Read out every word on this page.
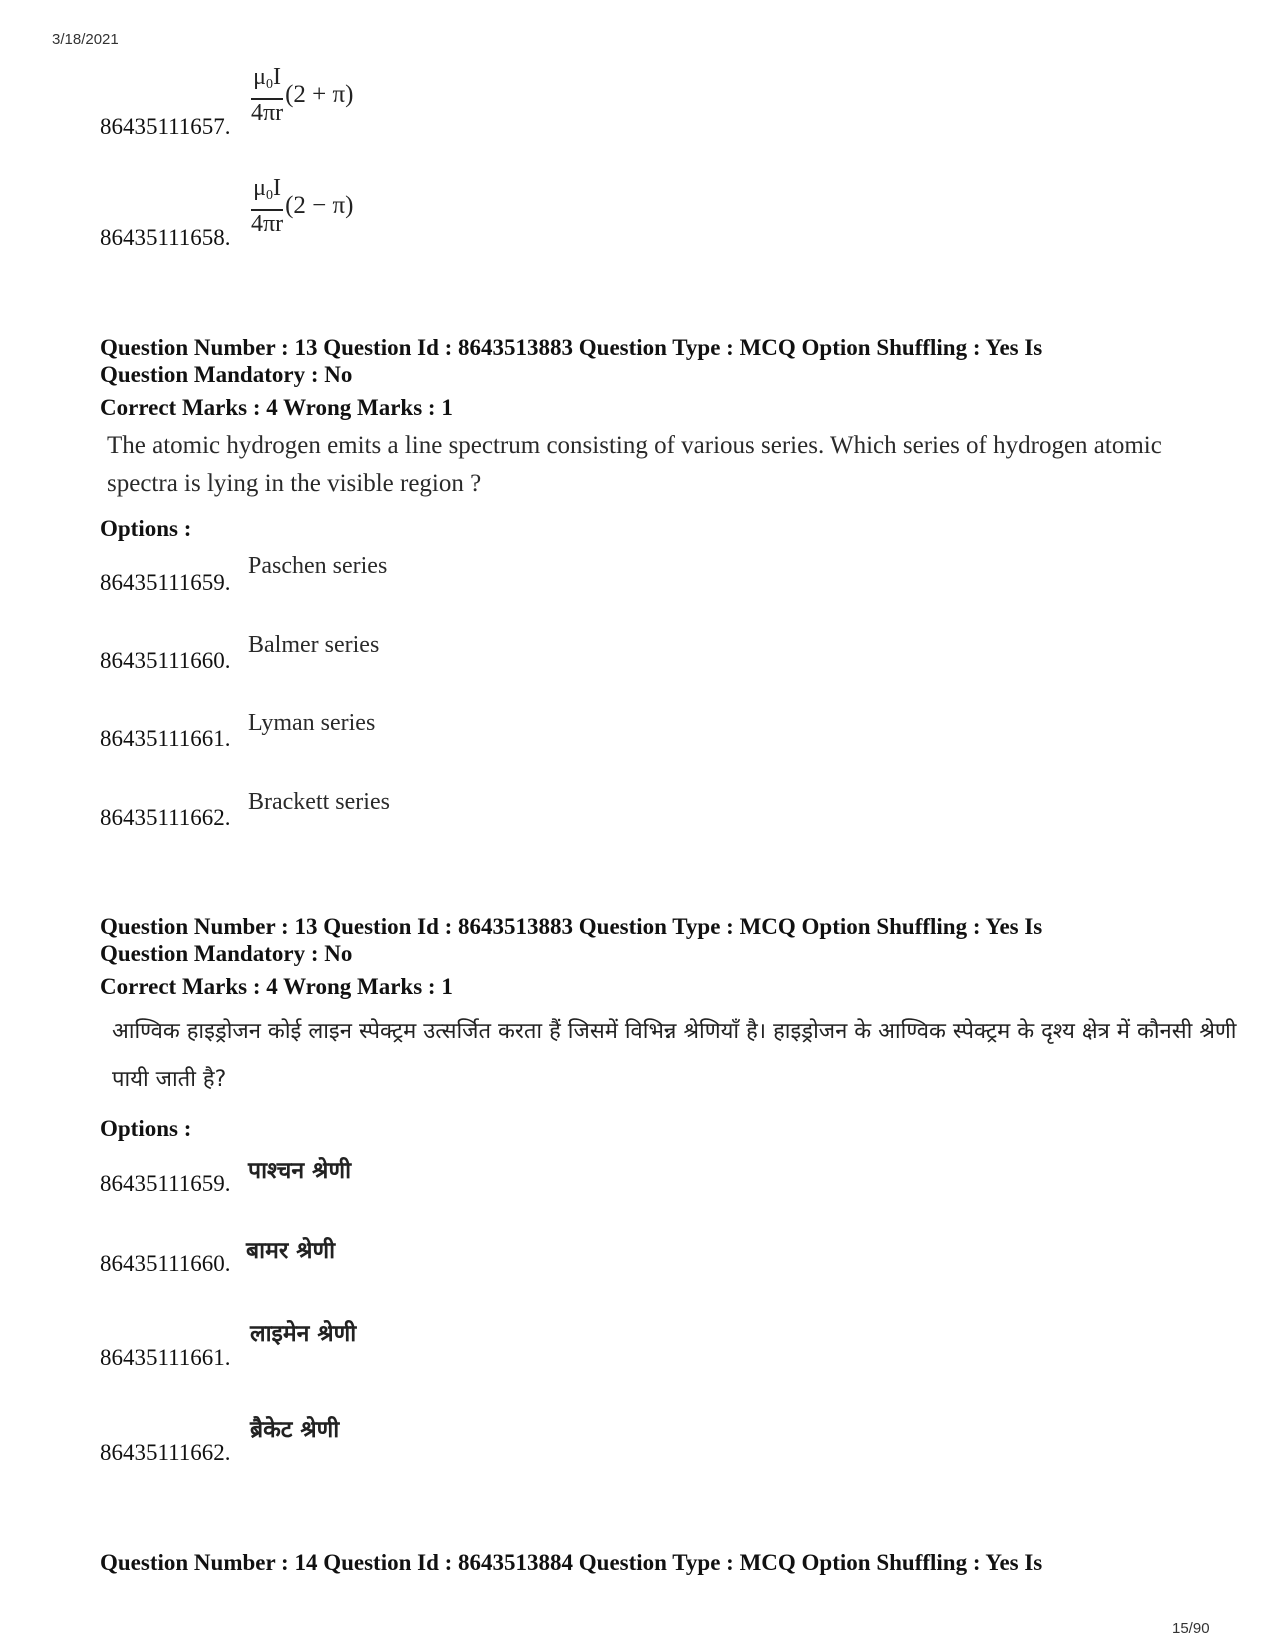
3/18/2021
15/90
86435111657.
$\frac{\mu_0I}{4\pi r} (2 + \pi)$
86435111658.
$\frac{\mu_0I}{4\pi r} (2 - \pi)$
Question Number : 13 Question Id : 8643513883 Question Type : MCQ Option Shuffling : Yes Is
Question Mandatory : No
Correct Marks : 4 Wrong Marks : 1
The atomic hydrogen emits a line spectrum consisting of various series. Which series of hydrogen atomic spectra is lying in the visible region ?
Options :
86435111659.
Paschen series
86435111660.
Balmer series
86435111661.
Lyman series
86435111662.
Brackett series
Question Number : 13 Question Id : 8643513883 Question Type : MCQ Option Shuffling : Yes Is
Question Mandatory : No
Correct Marks : 4 Wrong Marks : 1
आण्विक हाइड्रोजन कोई लाइन स्पेक्ट्रम उत्सर्जित करता हैं जिसमें विभिन्न श्रेणियाँ है। हाइड्रोजन के आण्विक स्पेक्ट्रम के दृश्य क्षेत्र में कौनसी श्रेणी पायी जाती है?
Options :
86435111659. पाश्चन श्रेणी
86435111660. बामर श्रेणी
86435111661.
लाइमेन श्रेणी
86435111662.
ब्रैकेट श्रेणी
Question Number : 14 Question Id : 8643513884 Question Type : MCQ Option Shuffling : Yes Is
